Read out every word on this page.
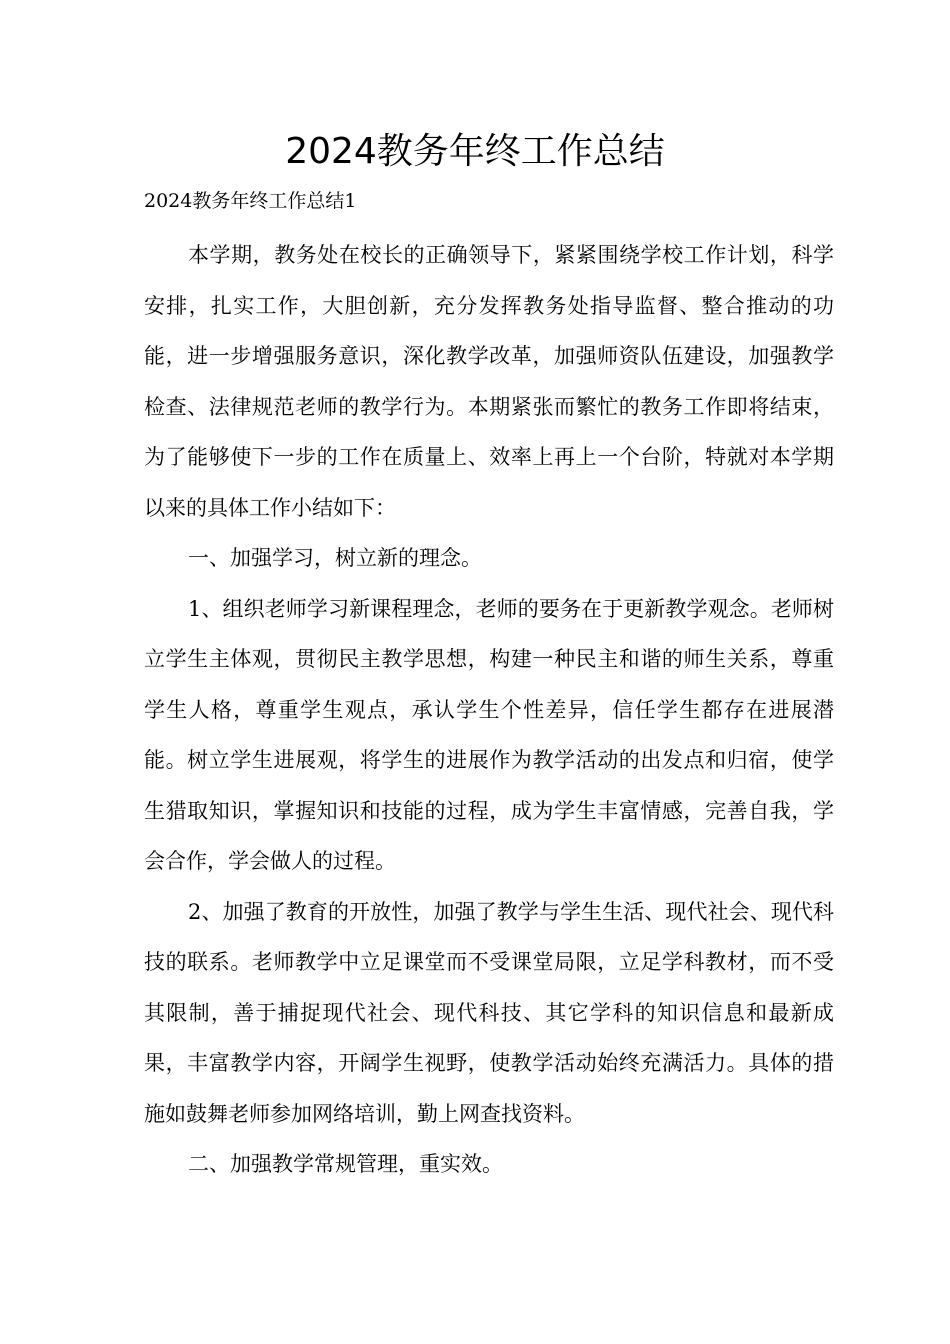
2024教务年终工作总结

2024教务年终工作总结1

本学期，教务处在校长的正确领导下，紧紧围绕学校工作计划，科学安排，扎实工作，大胆创新，充分发挥教务处指导监督、整合推动的功能，进一步增强服务意识，深化教学改革，加强师资队伍建设，加强教学检查、法律规范老师的教学行为。本期紧张而繁忙的教务工作即将结束，为了能够使下一步的工作在质量上、效率上再上一个台阶，特就对本学期以来的具体工作小结如下：

一、加强学习，树立新的理念。

1、组织老师学习新课程理念，老师的要务在于更新教学观念。老师树立学生主体观，贯彻民主教学思想，构建一种民主和谐的师生关系，尊重学生人格，尊重学生观点，承认学生个性差异，信任学生都存在进展潜能。树立学生进展观，将学生的进展作为教学活动的出发点和归宿，使学生猎取知识，掌握知识和技能的过程，成为学生丰富情感，完善自我，学会合作，学会做人的过程。

2、加强了教育的开放性，加强了教学与学生生活、现代社会、现代科技的联系。老师教学中立足课堂而不受课堂局限，立足学科教材，而不受其限制，善于捕捉现代社会、现代科技、其它学科的知识信息和最新成果，丰富教学内容，开阔学生视野，使教学活动始终充满活力。具体的措施如鼓舞老师参加网络培训，勤上网查找资料。

二、加强教学常规管理，重实效。
